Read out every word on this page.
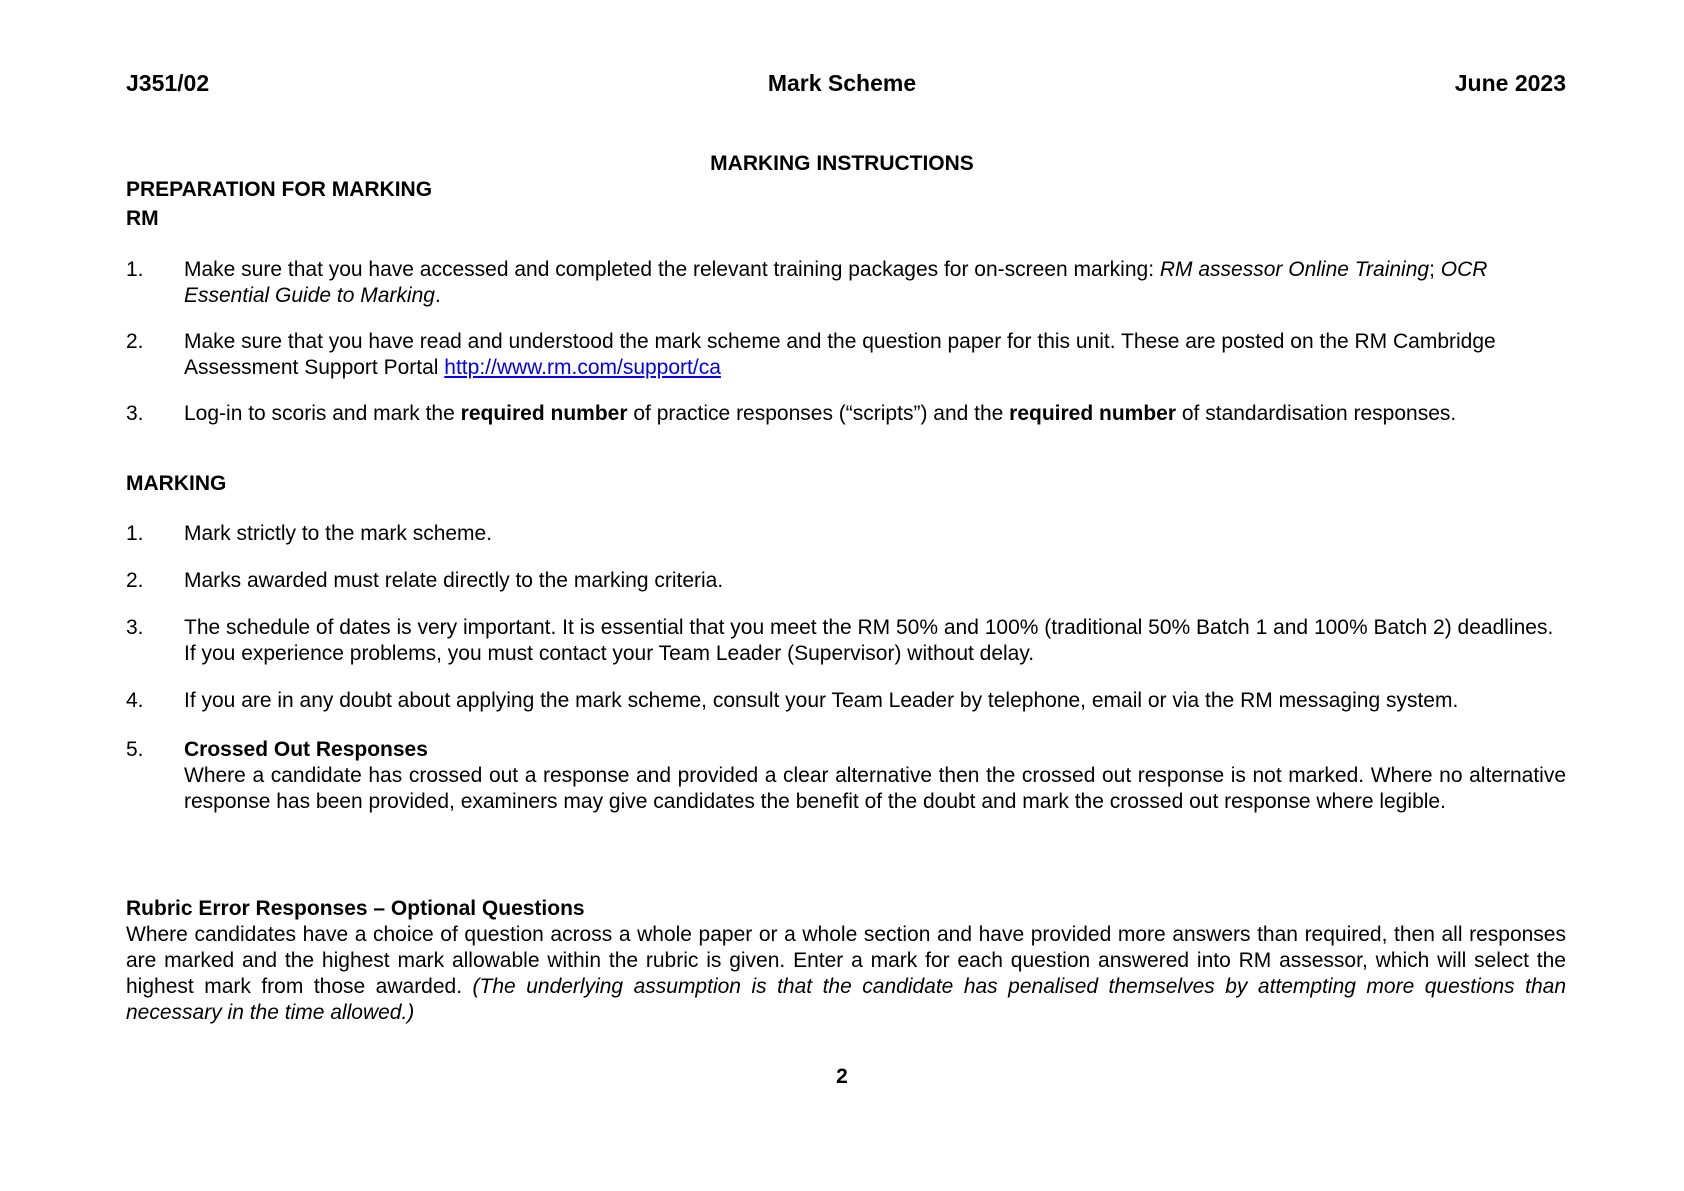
J351/02	Mark Scheme	June 2023
MARKING INSTRUCTIONS
PREPARATION FOR MARKING
RM
1. Make sure that you have accessed and completed the relevant training packages for on-screen marking: RM assessor Online Training; OCR Essential Guide to Marking.
2. Make sure that you have read and understood the mark scheme and the question paper for this unit. These are posted on the RM Cambridge Assessment Support Portal http://www.rm.com/support/ca
3. Log-in to scoris and mark the required number of practice responses (“scripts”) and the required number of standardisation responses.
MARKING
1. Mark strictly to the mark scheme.
2. Marks awarded must relate directly to the marking criteria.
3. The schedule of dates is very important. It is essential that you meet the RM 50% and 100% (traditional 50% Batch 1 and 100% Batch 2) deadlines. If you experience problems, you must contact your Team Leader (Supervisor) without delay.
4. If you are in any doubt about applying the mark scheme, consult your Team Leader by telephone, email or via the RM messaging system.
5. Crossed Out Responses
Where a candidate has crossed out a response and provided a clear alternative then the crossed out response is not marked. Where no alternative response has been provided, examiners may give candidates the benefit of the doubt and mark the crossed out response where legible.
Rubric Error Responses – Optional Questions
Where candidates have a choice of question across a whole paper or a whole section and have provided more answers than required, then all responses are marked and the highest mark allowable within the rubric is given. Enter a mark for each question answered into RM assessor, which will select the highest mark from those awarded. (The underlying assumption is that the candidate has penalised themselves by attempting more questions than necessary in the time allowed.)
2
